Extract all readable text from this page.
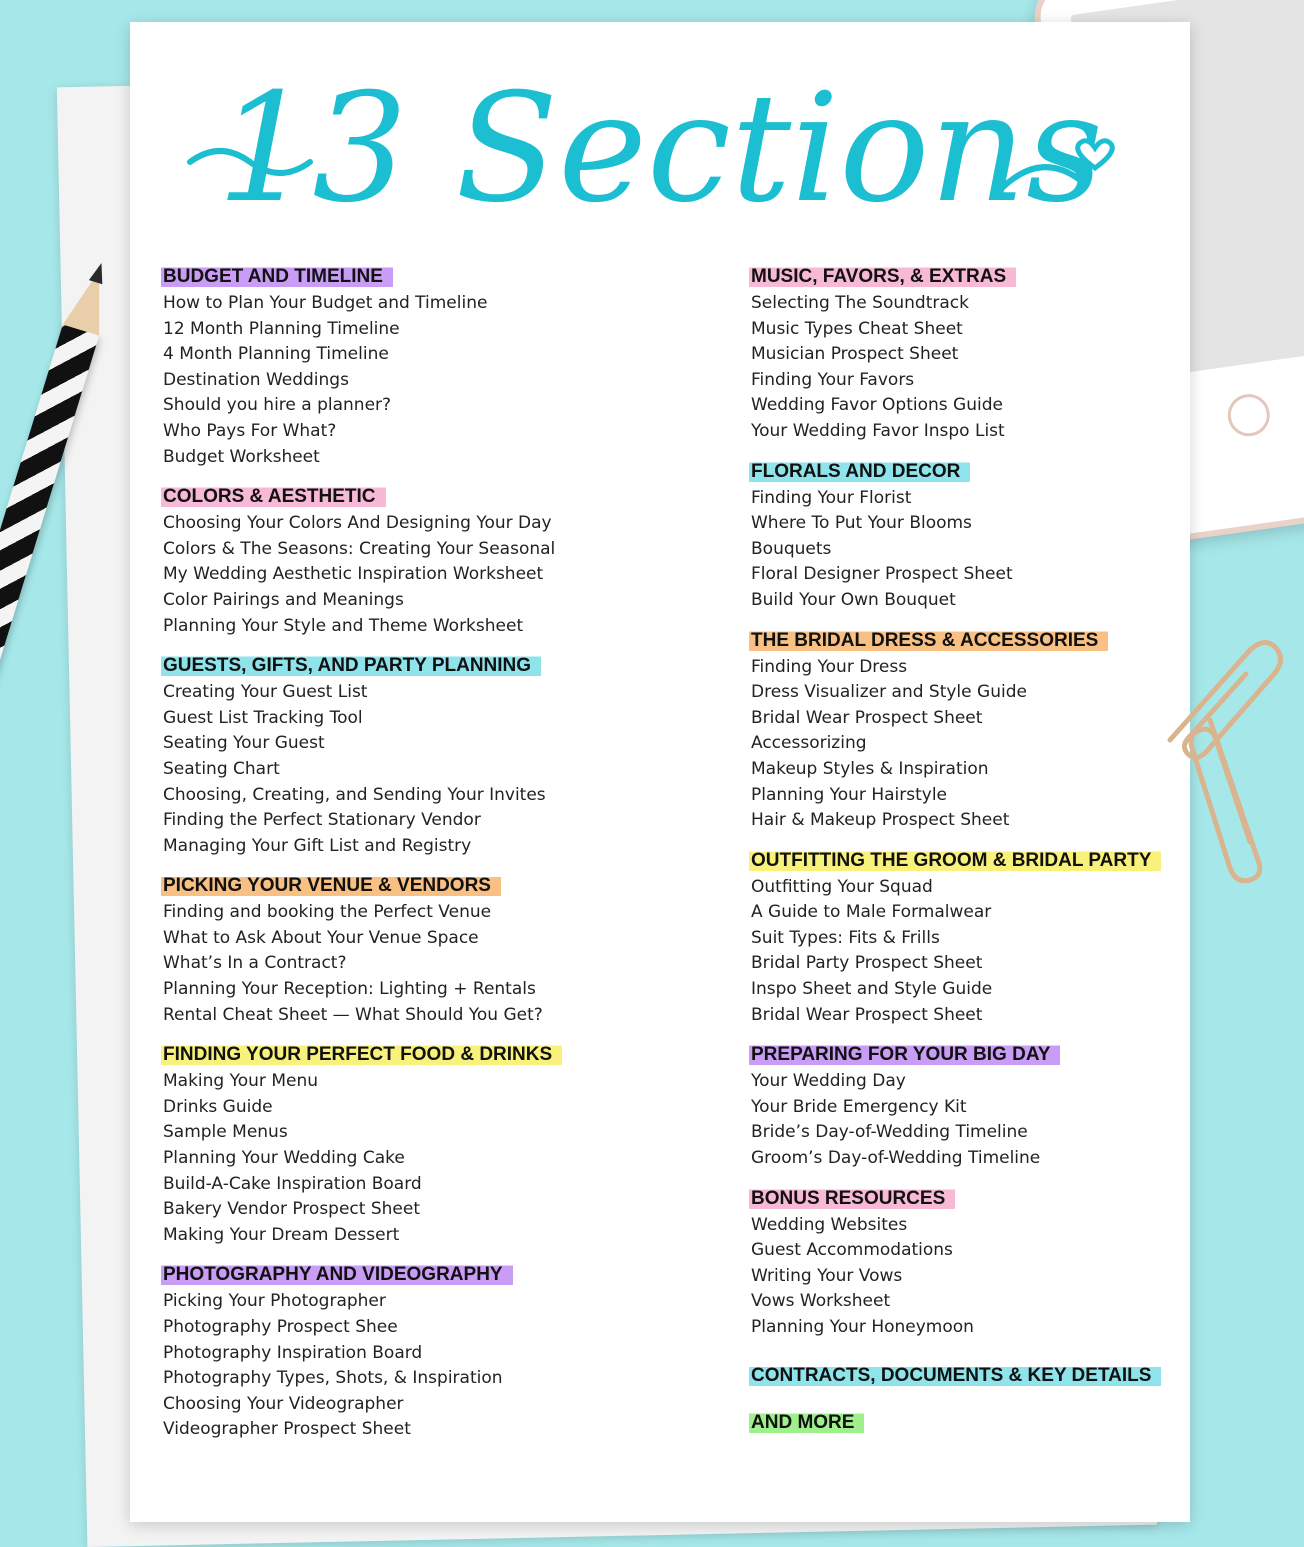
13 Sections
BUDGET AND TIMELINE
How to Plan Your Budget and Timeline
12 Month Planning Timeline
4 Month Planning Timeline
Destination Weddings
Should you hire a planner?
Who Pays For What?
Budget Worksheet
COLORS & AESTHETIC
Choosing Your Colors And Designing Your Day
Colors & The Seasons: Creating Your Seasonal
My Wedding Aesthetic Inspiration Worksheet
Color Pairings and Meanings
Planning Your Style and Theme Worksheet
GUESTS, GIFTS, AND PARTY PLANNING
Creating Your Guest List
Guest List Tracking Tool
Seating Your Guest
Seating Chart
Choosing, Creating, and Sending Your Invites
Finding the Perfect Stationary Vendor
Managing Your Gift List and Registry
PICKING YOUR VENUE & VENDORS
Finding and booking the Perfect Venue
What to Ask About Your Venue Space
What’s In a Contract?
Planning Your Reception: Lighting + Rentals
Rental Cheat Sheet — What Should You Get?
FINDING YOUR PERFECT FOOD & DRINKS
Making Your Menu
Drinks Guide
Sample Menus
Planning Your Wedding Cake
Build-A-Cake Inspiration Board
Bakery Vendor Prospect Sheet
Making Your Dream Dessert
PHOTOGRAPHY AND VIDEOGRAPHY
Picking Your Photographer
Photography Prospect Shee
Photography Inspiration Board
Photography Types, Shots, & Inspiration
Choosing Your Videographer
Videographer Prospect Sheet
MUSIC, FAVORS, & EXTRAS
Selecting The Soundtrack
Music Types Cheat Sheet
Musician Prospect Sheet
Finding Your Favors
Wedding Favor Options Guide
Your Wedding Favor Inspo List
FLORALS AND DECOR
Finding Your Florist
Where To Put Your Blooms
Bouquets
Floral Designer Prospect Sheet
Build Your Own Bouquet
THE BRIDAL DRESS & ACCESSORIES
Finding Your Dress
Dress Visualizer and Style Guide
Bridal Wear Prospect Sheet
Accessorizing
Makeup Styles & Inspiration
Planning Your Hairstyle
Hair & Makeup Prospect Sheet
OUTFITTING THE GROOM & BRIDAL PARTY
Outfitting Your Squad
A Guide to Male Formalwear
Suit Types: Fits & Frills
Bridal Party Prospect Sheet
Inspo Sheet and Style Guide
Bridal Wear Prospect Sheet
PREPARING FOR YOUR BIG DAY
Your Wedding Day
Your Bride Emergency Kit
Bride’s Day-of-Wedding Timeline
Groom’s Day-of-Wedding Timeline
BONUS RESOURCES
Wedding Websites
Guest Accommodations
Writing Your Vows
Vows Worksheet
Planning Your Honeymoon
CONTRACTS, DOCUMENTS & KEY DETAILS
AND MORE
